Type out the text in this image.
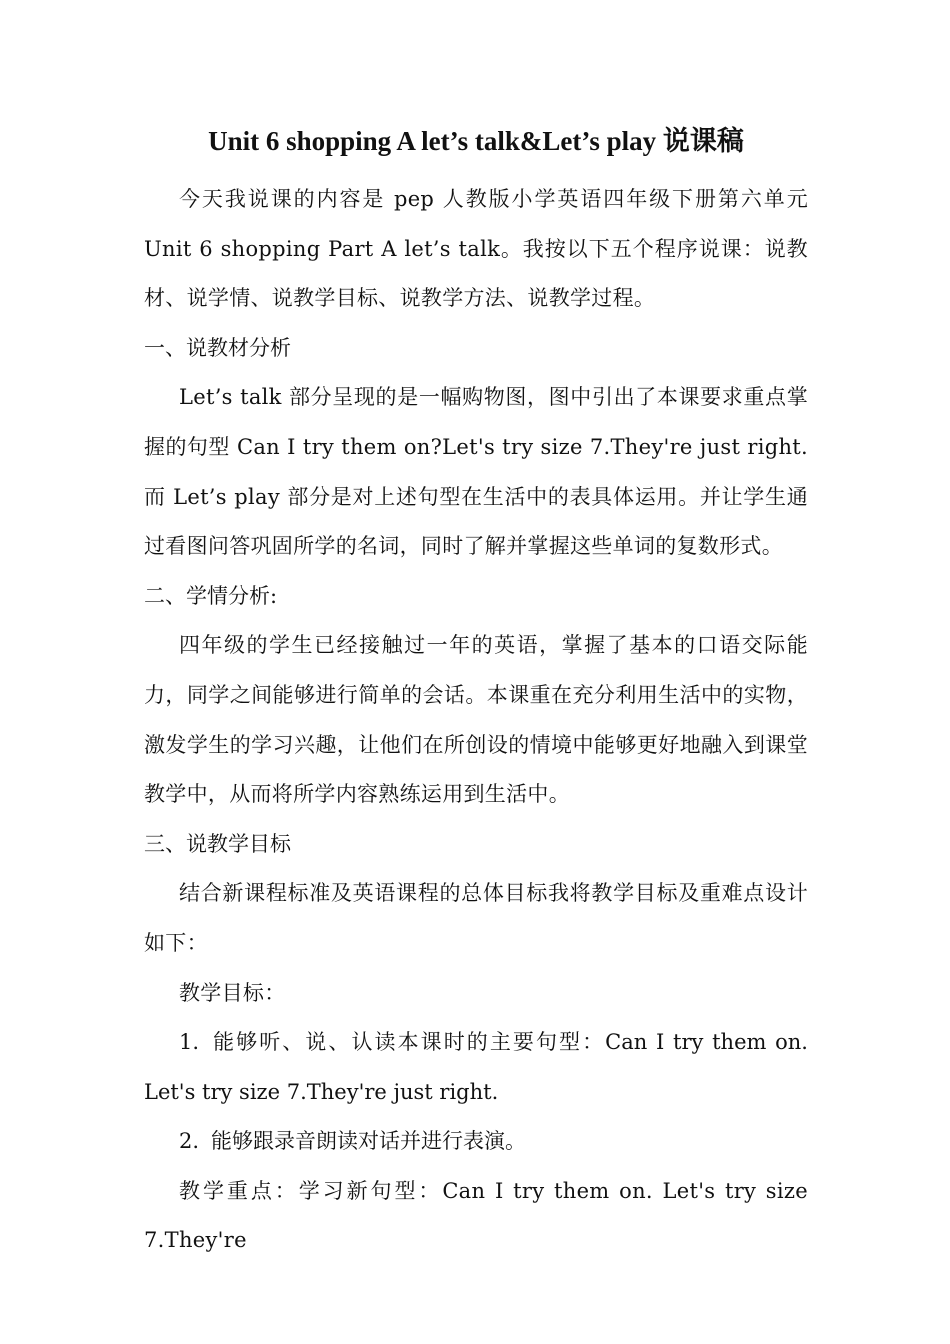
Unit 6 shopping A let’s talk&Let’s play 说课稿

今天我说课的内容是 pep 人教版小学英语四年级下册第六单元 Unit 6 shopping Part A let’s talk。我按以下五个程序说课：说教材、说学情、说教学目标、说教学方法、说教学过程。

一、说教材分析

Let’s talk 部分呈现的是一幅购物图，图中引出了本课要求重点掌握的句型 Can I try them on?Let's try size 7.They're just right. 而 Let’s play 部分是对上述句型在生活中的表具体运用。并让学生通过看图问答巩固所学的名词，同时了解并掌握这些单词的复数形式。

二、学情分析:

四年级的学生已经接触过一年的英语，掌握了基本的口语交际能力，同学之间能够进行简单的会话。本课重在充分利用生活中的实物，激发学生的学习兴趣，让他们在所创设的情境中能够更好地融入到课堂教学中，从而将所学内容熟练运用到生活中。

三、说教学目标

结合新课程标准及英语课程的总体目标我将教学目标及重难点设计如下：

教学目标：

1. 能够听、说、认读本课时的主要句型：Can I try them on. Let's try size 7.They're just right.

2. 能够跟录音朗读对话并进行表演。

教学重点：学习新句型：Can I try them on. Let's try size 7.They're
